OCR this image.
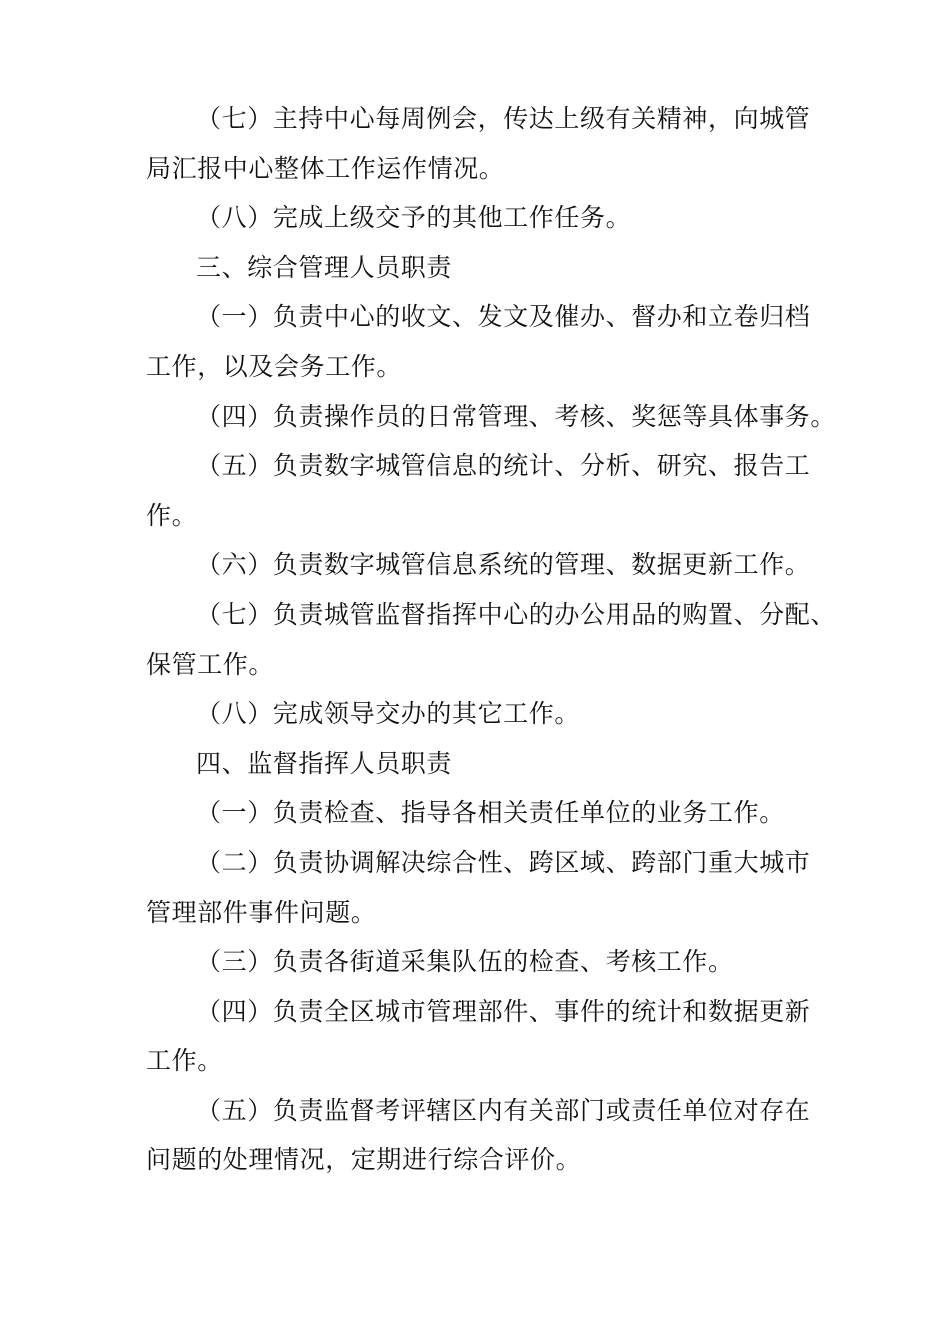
（七）主持中心每周例会，传达上级有关精神，向城管
局汇报中心整体工作运作情况。

（八）完成上级交予的其他工作任务。

三、综合管理人员职责

（一）负责中心的收文、发文及催办、督办和立卷归档
工作，以及会务工作。

（四）负责操作员的日常管理、考核、奖惩等具体事务。

（五）负责数字城管信息的统计、分析、研究、报告工
作。

（六）负责数字城管信息系统的管理、数据更新工作。

（七）负责城管监督指挥中心的办公用品的购置、分配、
保管工作。

（八）完成领导交办的其它工作。

四、监督指挥人员职责

（一）负责检查、指导各相关责任单位的业务工作。

（二）负责协调解决综合性、跨区域、跨部门重大城市
管理部件事件问题。

（三）负责各街道采集队伍的检查、考核工作。

（四）负责全区城市管理部件、事件的统计和数据更新
工作。

（五）负责监督考评辖区内有关部门或责任单位对存在
问题的处理情况，定期进行综合评价。
